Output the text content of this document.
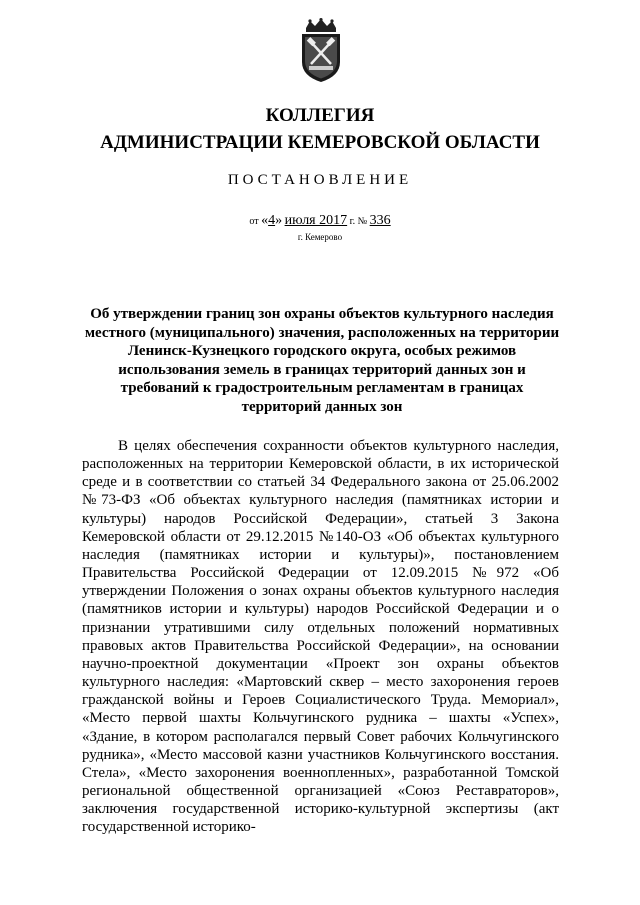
КОЛЛЕГИЯ

АДМИНИСТРАЦИИ КЕМЕРОВСКОЙ ОБЛАСТИ

ПОСТАНОВЛЕНИЕ

от «4» июля 2017 г. № 336

г. Кемерово

Об утверждении границ зон охраны объектов культурного наследия местного (муниципального) значения, расположенных на территории Ленинск-Кузнецкого городского округа, особых режимов использования земель в границах территорий данных зон и требований к градостроительным регламентам в границах территорий данных зон

В целях обеспечения сохранности объектов культурного наследия, расположенных на территории Кемеровской области, в их исторической среде и в соответствии со статьей 34 Федерального закона от 25.06.2002 №73-ФЗ «Об объектах культурного наследия (памятниках истории и культуры) народов Российской Федерации», статьей 3 Закона Кемеровской области от 29.12.2015 №140-ОЗ «Об объектах культурного наследия (памятниках истории и культуры)», постановлением Правительства Российской Федерации от 12.09.2015 №972 «Об утверждении Положения о зонах охраны объектов культурного наследия (памятников истории и культуры) народов Российской Федерации и о признании утратившими силу отдельных положений нормативных правовых актов Правительства Российской Федерации», на основании научно-проектной документации «Проект зон охраны объектов культурного наследия: «Мартовский сквер – место захоронения героев гражданской войны и Героев Социалистического Труда. Мемориал», «Место первой шахты Кольчугинского рудника – шахты «Успех», «Здание, в котором располагался первый Совет рабочих Кольчугинского рудника», «Место массовой казни участников Кольчугинского восстания. Стела», «Место захоронения военнопленных», разработанной Томской региональной общественной организацией «Союз Реставраторов», заключения государственной историко-культурной экспертизы (акт государственной историко-
